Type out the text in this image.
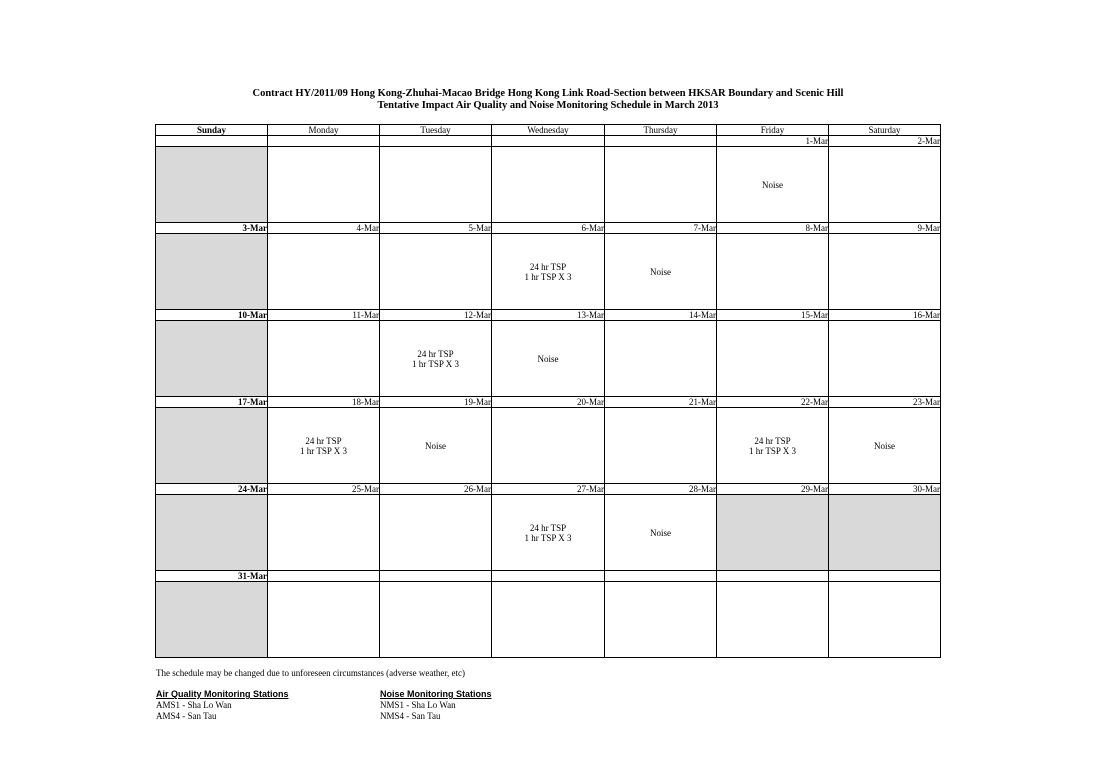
Contract HY/2011/09 Hong Kong-Zhuhai-Macao Bridge Hong Kong Link Road-Section between HKSAR Boundary and Scenic Hill
Tentative Impact Air Quality and Noise Monitoring Schedule in March 2013
Sunday	Monday	Tuesday	Wednesday	Thursday	Friday	Saturday
					1-Mar	2-Mar

					Noise	

3-Mar	4-Mar	5-Mar	6-Mar	7-Mar	8-Mar	9-Mar

			24 hr TSP
1 hr TSP X 3	Noise		

10-Mar	11-Mar	12-Mar	13-Mar	14-Mar	15-Mar	16-Mar

		24 hr TSP
1 hr TSP X 3	Noise			

17-Mar	18-Mar	19-Mar	20-Mar	21-Mar	22-Mar	23-Mar

	24 hr TSP
1 hr TSP X 3	Noise			24 hr TSP
1 hr TSP X 3	Noise

24-Mar	25-Mar	26-Mar	27-Mar	28-Mar	29-Mar	30-Mar

			24 hr TSP
1 hr TSP X 3	Noise		

31-Mar						

The schedule may be changed due to unforeseen circumstances (adverse weather, etc)
Air Quality Monitoring Stations
AMS1 - Sha Lo Wan
AMS4 - San Tau
Noise Monitoring Stations
NMS1 - Sha Lo Wan
NMS4 - San Tau
